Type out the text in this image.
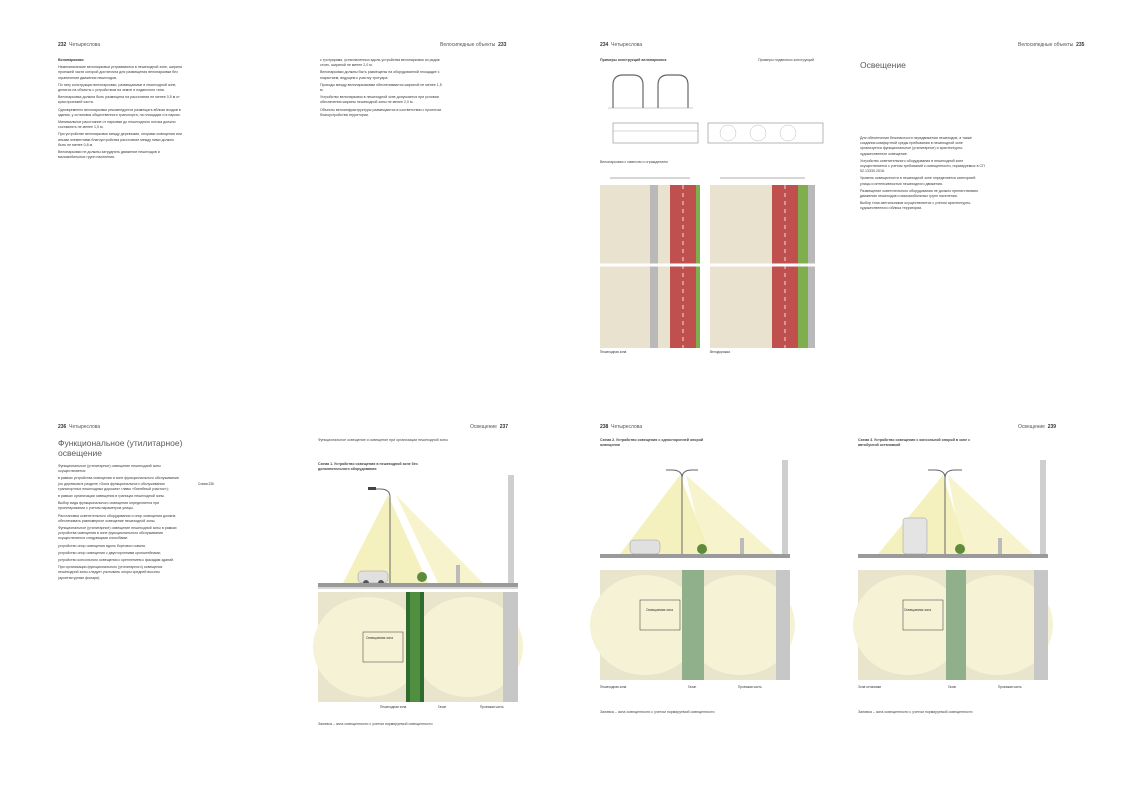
232 Четыреслова	Велосипедные объекты 233

Велопарковки

Немеханические велопарковки устраиваются в пешеходной зоне, ширина проезжей части которой достаточна для размещения велопарковки без ограничения движения пешеходов.

По типу конструкции велопарковки, размещаемые в пешеходной зоне, делятся на объекты с устройством на земле и подвесного типа.

Велопарковка должна быть размещена на расстоянии не менее 0,5 м от края проезжей части.

Одновременно велопарковки рекомендуется размещать вблизи входов в здания, у остановок общественного транспорта, на площадях и в парках.

Минимальное расстояние от парковки до пешеходного потока должно составлять не менее 1,0 м.

При устройстве велопарковок между деревьями, опорами освещения или иными элементами благоустройства расстояние между ними должно быть не менее 0,8 м.

Велопарковки не должны затруднять движение пешеходов и маломобильных групп населения.

с тротуарами, установленных вдоль устройства велопарковок из рядов стоек, шириной не менее 2,0 м.

Велопарковки должны быть размещены на оборудованной площадке с покрытием, ведущем к участку тротуара.

Проходы между велопарковками обеспечиваются шириной не менее 1,5 м.

Устройство велопарковок в пешеходной зоне допускается при условии обеспечения ширины пешеходной зоны не менее 2,0 м.

Объекты велоинфраструктуры размещаются в соответствии с проектом благоустройства территории.

234 Четыреслова	Велосипедные объекты 235
Примеры конструкций велопарковок	Примеры подвесных конструкций
Велопарковка с навесом и ограждением
Пешеходная зона	Велодорожка
Освещение

Для обеспечения безопасности передвижения пешеходов, а также создания комфортной среды пребывания в пешеходной зоне организуется функциональное (утилитарное) и архитектурно-художественное освещение.

Устройство осветительного оборудования в пешеходной зоне осуществляется с учетом требований к освещенности, нормируемых в СП 52.13330.2016.

Уровень освещенности в пешеходной зоне определяется категорией улицы и интенсивностью пешеходного движения.

Размещение осветительного оборудования не должно препятствовать движению пешеходов и маломобильных групп населения.

Выбор типа светильников осуществляется с учетом архитектурно-художественного облика территории.

236 Четыреслова	Освещение 237
Функциональное (утилитарное) освещение

Функциональное (утилитарное) освещение пешеходной зоны осуществляется:

в рамках устройства освещения в зоне функционального обслуживания (по деревьям в разделе «Зона функционального обслуживания транспортных пешеходных дорожек» главы «Линейный участок»);

в рамках организации освещения в границах пешеходной зоны.

Выбор вида функционального освещения определяется при проектировании с учетом параметров улицы.

Расстановка осветительного оборудования и опор освещения должна обеспечивать равномерное освещение пешеходной зоны.

Функциональное (утилитарное) освещение пешеходной зоны в рамках устройства освещения в зоне функционального обслуживания осуществляется следующими способами:

устройство опор освещения вдоль бортового камня;

устройство опор освещения с двусторонними кронштейнами;

устройство консольного освещения с креплением к фасадам зданий.

При организации функционального (утилитарного) освещения пешеходной зоны следует учитывать опоры средней высоты (архитектурные фонари).

Схема 236
Функциональное освещение и освещение при организации пешеходной зоны
Схема 1. Устройство освещения в пешеходной зоне без дополнительного оборудования
Освещаемая зона
Пешеходная зона	Газон	Проезжая часть
Заливка – зона освещенности с учетом нормируемой освещенности
238 Четыреслова	Освещение 239
Схема 2. Устройство освещения с односторонней опорой освещения
Схема 3. Устройство освещения с консольной опорой в зоне с автобусной остановкой
Освещаемая зона
Пешеходная зона	Газон	Проезжая часть
Освещаемая зона
Зона остановки	Газон	Проезжая часть
Заливка – зона освещенности с учетом нормируемой освещенности	Заливка – зона освещенности с учетом нормируемой освещенности
